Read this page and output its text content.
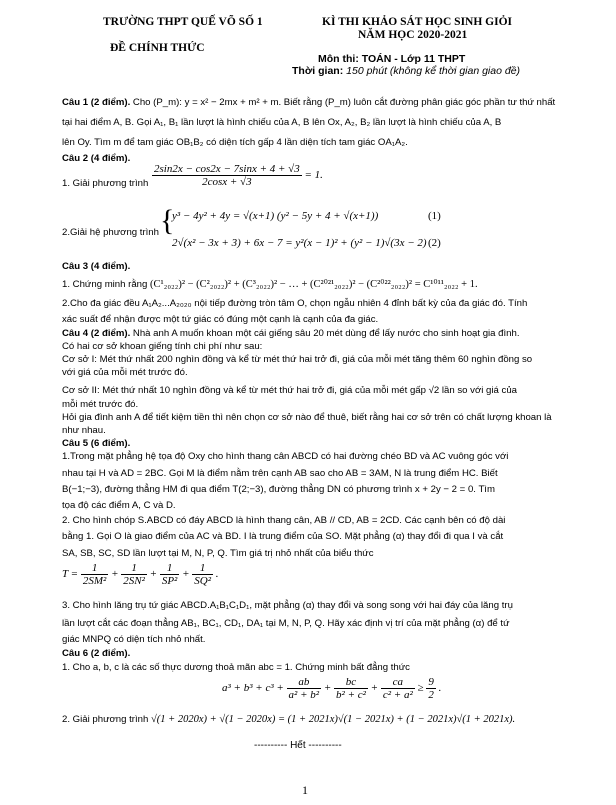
TRƯỜNG THPT QUẾ VÕ SỐ 1
ĐỀ CHÍNH THỨC
KÌ THI KHẢO SÁT HỌC SINH GIỎI
NĂM HỌC 2020-2021
Môn thi: TOÁN - Lớp 11 THPT
Thời gian: 150 phút (không kể thời gian giao đề)
Câu 1 (2 điểm). Cho (P_m): y = x² − 2mx + m² + m. Biết rằng (P_m) luôn cắt đường phân giác góc phần tư thứ nhất
tại hai điểm A, B. Gọi A₁, B₁ lần lượt là hình chiếu của A, B lên Ox, A₂, B₂ lần lượt là hình chiếu của A, B
lên Oy. Tìm m để tam giác OB₁B₂ có diện tích gấp 4 lần diện tích tam giác OA₁A₂.
Câu 2 (4 điểm).
1. Giải phương trình $\frac{2\sin 2x - \cos 2x - 7\sin x + 4 + √3}{2\cos x + √3} = 1$.
2.Giải hệ phương trình {
y³ − 4y² + 4y = √(x+1) (y² − 5y + 4 + √(x+1))	(1)
2√(x² − 3x + 3) + 6x − 7 = y²(x − 1)² + (y² − 1)√(3x − 2) (2)
Câu 3 (4 điểm).
1. Chứng minh rằng (C¹₂₀₂₂)² − (C²₂₀₂₂)² + (C³₂₀₂₂)² − … + (C²⁰²¹₂₀₂₂)² − (C²⁰²²₂₀₂₂)² = C¹⁰¹¹₂₀₂₂ + 1.
2.Cho đa giác đều A₁A₂...A₂₀₂₀ nội tiếp đường tròn tâm O, chọn ngẫu nhiên 4 đỉnh bất kỳ của đa giác đó. Tính
xác suất để nhận được một tứ giác có đúng một cạnh là cạnh của đa giác.
Câu 4 (2 điểm). Nhà anh A muốn khoan một cái giếng sâu 20 mét dùng để lấy nước cho sinh hoạt gia đình.
Có hai cơ sở khoan giếng tính chi phí như sau:
Cơ sở I: Mét thứ nhất 200 nghìn đồng và kể từ mét thứ hai trở đi, giá của mỗi mét tăng thêm 60 nghìn đồng so
với giá của mỗi mét trước đó.
Cơ sở II: Mét thứ nhất 10 nghìn đồng và kể từ mét thứ hai trở đi, giá của mỗi mét gấp √2 lần so với giá của
mỗi mét trước đó.
Hỏi gia đình anh A để tiết kiệm tiền thì nên chọn cơ sở nào để thuê, biết rằng hai cơ sở trên có chất lượng khoan là
như nhau.
Câu 5 (6 điểm).
1.Trong mặt phẳng hệ tọa độ Oxy cho hình thang cân ABCD có hai đường chéo BD và AC vuông góc với
nhau tại H và AD = 2BC. Gọi M là điểm nằm trên cạnh AB sao cho AB = 3AM, N là trung điểm HC. Biết
B(−1;−3), đường thẳng HM đi qua điểm T(2;−3), đường thẳng DN có phương trình x + 2y − 2 = 0. Tìm
tọa độ các điểm A, C và D.
2. Cho hình chóp S.ABCD có đáy ABCD là hình thang cân, AB // CD, AB = 2CD. Các cạnh bên có độ dài
bằng 1. Gọi O là giao điểm của AC và BD. I là trung điểm của SO. Mặt phẳng (α) thay đổi đi qua I và cắt
SA, SB, SC, SD lần lượt tại M, N, P, Q. Tìm giá trị nhỏ nhất của biểu thức
$T = \frac{1}{\text{2SM²}} + \frac{1}{\text{2SN²}} + \frac{1}{\text{SP²}} + \frac{1}{\text{SQ²}}$ .
3. Cho hình lăng trụ tứ giác ABCD.A₁B₁C₁D₁, mặt phẳng (α) thay đổi và song song với hai đáy của lăng trụ
lần lượt cắt các đoạn thẳng AB₁, BC₁, CD₁, DA₁ tại M, N, P, Q. Hãy xác định vị trí của mặt phẳng (α) để tứ
giác MNPQ có diện tích nhỏ nhất.
Câu 6 (2 điểm).
1. Cho a, b, c là các số thực dương thoả mãn abc = 1. Chứng minh bất đẳng thức
$a^3 + b^3 + c^3 + \frac{ab}{\text{a² + b²}} + \frac{bc}{\text{b² + c²}} + \frac{ca}{\text{c² + a²}} \ge \frac{9}{2}$ .
2. Giải phương trình √(1 + 2020x) + √(1 − 2020x) = (1 + 2021x)√(1 − 2021x) + (1 − 2021x)√(1 + 2021x).
---------- Hết ----------
1
